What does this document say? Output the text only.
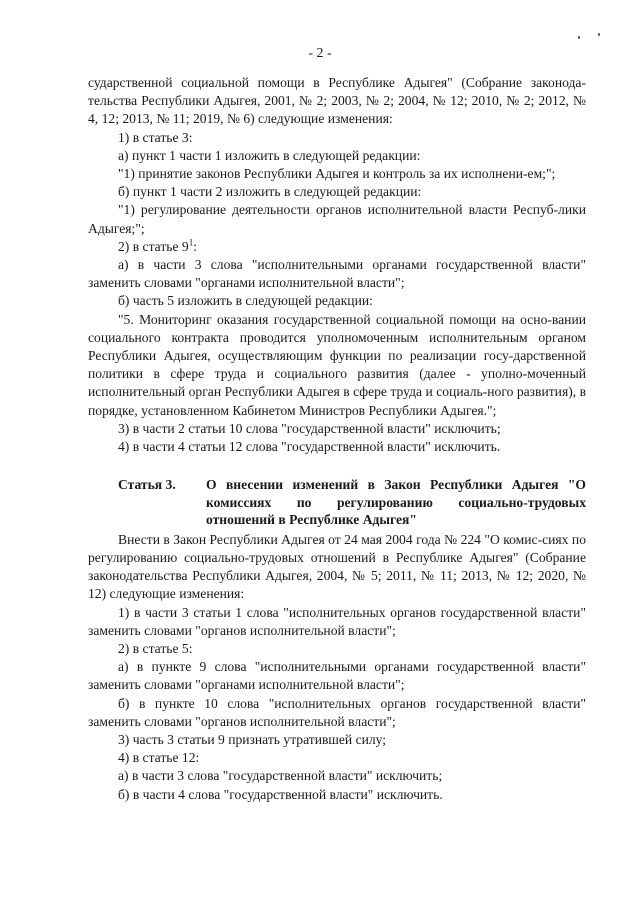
- 2 -

сударственной социальной помощи в Республике Адыгея" (Собрание законода-тельства Республики Адыгея, 2001, № 2; 2003, № 2; 2004, № 12; 2010, № 2; 2012, № 4, 12; 2013, № 11; 2019, № 6) следующие изменения:

1) в статье 3:

а) пункт 1 части 1 изложить в следующей редакции:

"1) принятие законов Республики Адыгея и контроль за их исполнени-ем;";

б) пункт 1 части 2 изложить в следующей редакции:

"1) регулирование деятельности органов исполнительной власти Респуб-лики Адыгея;";

2) в статье $9^1$:

а) в части 3 слова "исполнительными органами государственной власти" заменить словами "органами исполнительной власти";

б) часть 5 изложить в следующей редакции:

"5. Мониторинг оказания государственной социальной помощи на осно-вании социального контракта проводится уполномоченным исполнительным органом Республики Адыгея, осуществляющим функции по реализации госу-дарственной политики в сфере труда и социального развития (далее - уполно-моченный исполнительный орган Республики Адыгея в сфере труда и социаль-ного развития), в порядке, установленном Кабинетом Министров Республики Адыгея.";

3) в части 2 статьи 10 слова "государственной власти" исключить;

4) в части 4 статьи 12 слова "государственной власти" исключить.

Статья 3.	О внесении изменений в Закон Республики Адыгея "О комиссиях по регулированию социально-трудовых отношений в Республике Адыгея"

Внести в Закон Республики Адыгея от 24 мая 2004 года № 224 "О комис-сиях по регулированию социально-трудовых отношений в Республике Адыгея" (Собрание законодательства Республики Адыгея, 2004, № 5; 2011, № 11; 2013, № 12; 2020, № 12) следующие изменения:

1) в части 3 статьи 1 слова "исполнительных органов государственной власти" заменить словами "органов исполнительной власти";

2) в статье 5:

а) в пункте 9 слова "исполнительными органами государственной власти" заменить словами "органами исполнительной власти";

б) в пункте 10 слова "исполнительных органов государственной власти" заменить словами "органов исполнительной власти";

3) часть 3 статьи 9 признать утратившей силу;

4) в статье 12:

а) в части 3 слова "государственной власти" исключить;

б) в части 4 слова "государственной власти" исключить.
